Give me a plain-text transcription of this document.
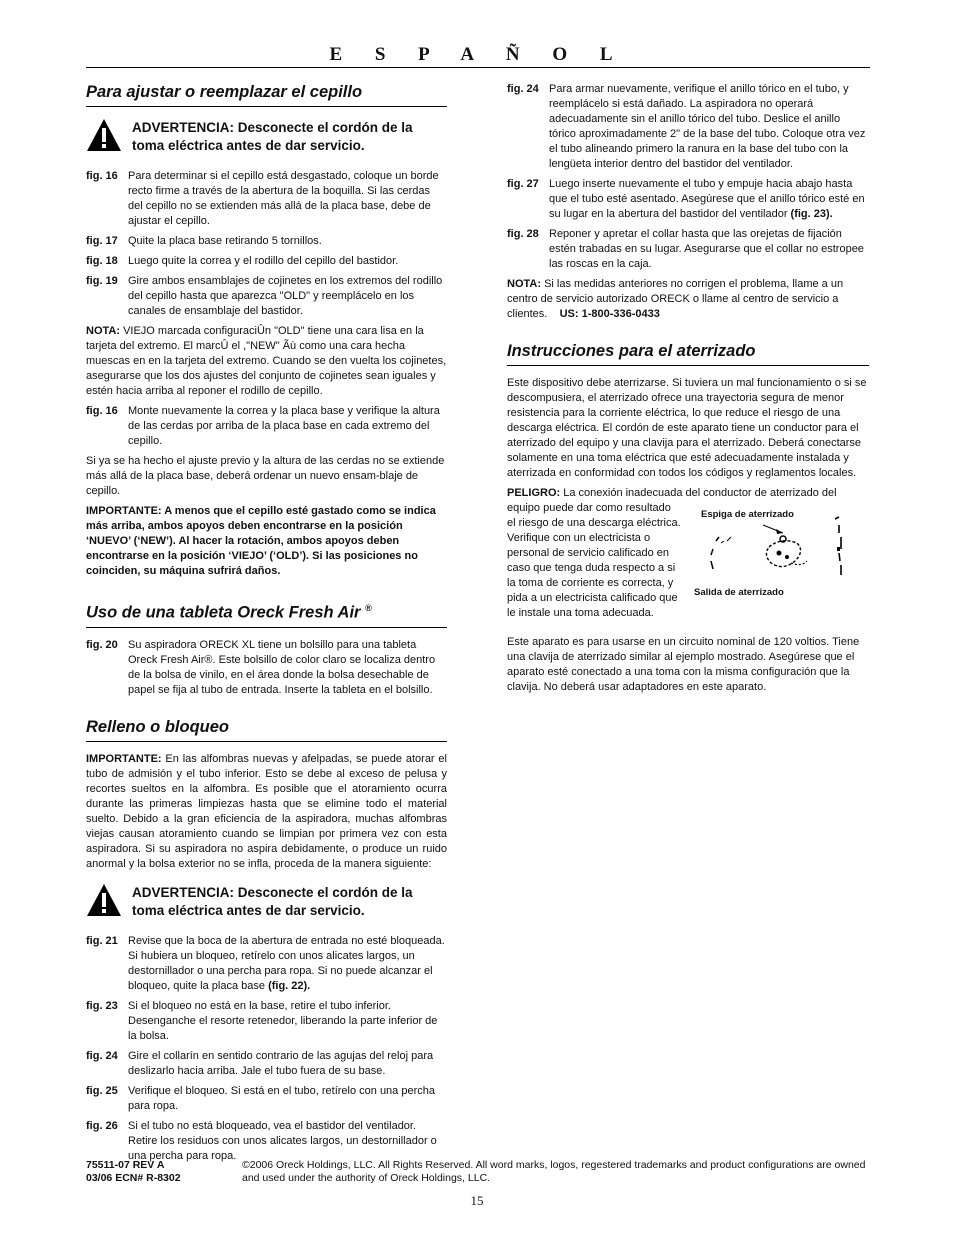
E S P A Ñ O L
Para ajustar o reemplazar el cepillo
ADVERTENCIA: Desconecte el cordón de la toma eléctrica antes de dar servicio.
fig. 16 Para determinar si el cepillo está desgastado, coloque un borde recto firme a través de la abertura de la boquilla. Si las cerdas del cepillo no se extienden más allá de la placa base, debe de ajustar el cepillo.
fig. 17 Quite la placa base retirando 5 tornillos.
fig. 18 Luego quite la correa y el rodillo del cepillo del bastidor.
fig. 19 Gire ambos ensamblajes de cojinetes en los extremos del rodillo del cepillo hasta que aparezca "OLD" y reemplácelo en los canales de ensamblaje del bastidor.

NOTA: VIEJO marcada configuraciÛn "OLD" tiene una cara lisa en la tarjeta del extremo. El marcÛ el ,"NEW" Ãù como una cara hecha muescas en en la tarjeta del extremo. Cuando se den vuelta los cojinetes, asegurarse que los dos ajustes del conjunto de cojinetes sean iguales y estén hacia arriba al reponer el rodillo de cepillo.

fig. 16 Monte nuevamente la correa y la placa base y verifique la altura de las cerdas por arriba de la placa base en cada extremo del cepillo.

Si ya se ha hecho el ajuste previo y la altura de las cerdas no se extiende más allá de la placa base, deberá ordenar un nuevo ensam-blaje de cepillo.

IMPORTANTE: A menos que el cepillo esté gastado como se indica más arriba, ambos apoyos deben encontrarse en la posición ‘NUEVO’ (‘NEW’). Al hacer la rotación, ambos apoyos deben encontrarse en la posición ‘VIEJO’ (‘OLD’). Si las posiciones no coinciden, su máquina sufrirá daños.

Uso de una tableta Oreck Fresh Air ®
fig. 20 Su aspiradora ORECK XL tiene un bolsillo para una tableta Oreck Fresh Air®. Este bolsillo de color claro se localiza dentro de la bolsa de vinilo, en el área donde la bolsa desechable de papel se fija al tubo de entrada. Inserte la tableta en el bolsillo.
Relleno o bloqueo

IMPORTANTE: En las alfombras nuevas y afelpadas, se puede atorar el tubo de admisión y el tubo inferior. Esto se debe al exceso de pelusa y recortes sueltos en la alfombra. Es posible que el atoramiento ocurra durante las primeras limpiezas hasta que se elimine todo el material suelto. Debido a la gran eficiencia de la aspiradora, muchas alfombras viejas causan atoramiento cuando se limpian por primera vez con esta aspiradora. Si su aspiradora no aspira debidamente, o produce un ruido anormal y la bolsa exterior no se infla, proceda de la manera siguiente:

ADVERTENCIA: Desconecte el cordón de la toma eléctrica antes de dar servicio.
fig. 21 Revise que la boca de la abertura de entrada no esté bloqueada. Si hubiera un bloqueo, retírelo con unos alicates largos, un destornillador o una percha para ropa. Si no puede alcanzar el bloqueo, quite la placa base (fig. 22).
fig. 23 Si el bloqueo no está en la base, retire el tubo inferior. Desenganche el resorte retenedor, liberando la parte inferior de la bolsa.
fig. 24 Gire el collarín en sentido contrario de las agujas del reloj para deslizarlo hacia arriba. Jale el tubo fuera de su base.
fig. 25 Verifique el bloqueo. Si está en el tubo, retírelo con una percha para ropa.
fig. 26 Si el tubo no está bloqueado, vea el bastidor del ventilador. Retire los residuos con unos alicates largos, un destornillador o una percha para ropa.
fig. 24 Para armar nuevamente, verifique el anillo tórico en el tubo, y reemplácelo si está dañado. La aspiradora no operará adecuadamente sin el anillo tórico del tubo. Deslice el anillo tórico aproximadamente 2" de la base del tubo. Coloque otra vez el tubo alineando primero la ranura en la base del tubo con la lengüeta interior dentro del bastidor del ventilador.
fig. 27 Luego inserte nuevamente el tubo y empuje hacia abajo hasta que el tubo esté asentado. Asegúrese que el anillo tórico esté en su lugar en la abertura del bastidor del ventilador (fig. 23).
fig. 28 Reponer y apretar el collar hasta que las orejetas de fijación estén trabadas en su lugar. Asegurarse que el collar no estropee las roscas en la caja.

NOTA: Si las medidas anteriores no corrigen el problema, llame a un centro de servicio autorizado ORECK o llame al centro de servicio a clientes. US: 1-800-336-0433

Instrucciones para el aterrizado

Este dispositivo debe aterrizarse. Si tuviera un mal funcionamiento o si se descompusiera, el aterrizado ofrece una trayectoria segura de menor resistencia para la corriente eléctrica, lo que reduce el riesgo de una descarga eléctrica. El cordón de este aparato tiene un conductor para el aterrizado del equipo y una clavija para el aterrizado. Deberá conectarse solamente en una toma eléctrica que esté adecuadamente instalada y aterrizada en conformidad con todos los códigos y reglamentos locales.

PELIGRO: La conexión inadecuada del conductor de aterrizado del

equipo puede dar como resultado el riesgo de una descarga eléctrica. Verifique con un electricista o personal de servicio calificado en caso que tenga duda respecto a si la toma de corriente es correcta, y pida a un electricista calificado que le instale una toma adecuada.
Espiga de aterrizado
Salida de aterrizado

Este aparato es para usarse en un circuito nominal de 120 voltios. Tiene una clavija de aterrizado similar al ejemplo mostrado. Asegúrese que el aparato esté conectado a una toma con la misma configuración que la clavija. No deberá usar adaptadores en este aparato.

75511-07 REV A
03/06 ECN# R-8302
©2006 Oreck Holdings, LLC. All Rights Reserved. All word marks, logos, regestered trademarks and product configurations are owned and used under the authority of Oreck Holdings, LLC.
15
